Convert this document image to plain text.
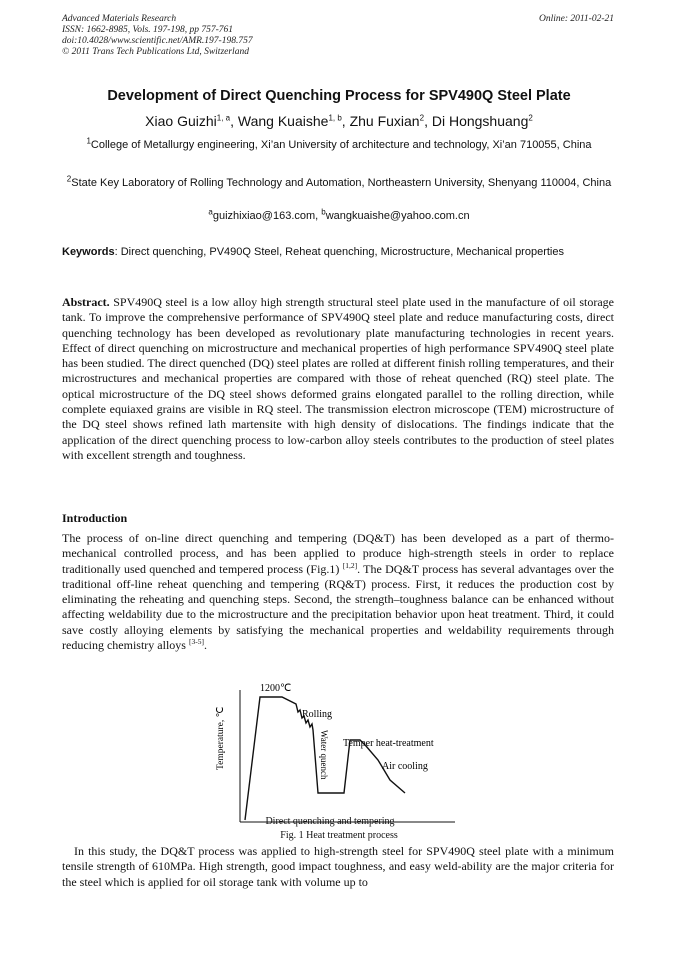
Advanced Materials Research
ISSN: 1662-8985, Vols. 197-198, pp 757-761
doi:10.4028/www.scientific.net/AMR.197-198.757
© 2011 Trans Tech Publications Ltd, Switzerland
Online: 2011-02-21
Development of Direct Quenching Process for SPV490Q Steel Plate
Xiao Guizhi$^{1, a}$, Wang Kuaishe$^{1, b}$, Zhu Fuxian$^2$, Di Hongshuang$^2$
$^1$College of Metallurgy engineering, Xi’an University of architecture and technology, Xi’an 710055, China
$^2$State Key Laboratory of Rolling Technology and Automation, Northeastern University, Shenyang 110004, China
$^a$guizhixiao@163.com, $^b$wangkuaishe@yahoo.com.cn
Keywords: Direct quenching, PV490Q Steel, Reheat quenching, Microstructure, Mechanical properties
Abstract. SPV490Q steel is a low alloy high strength structural steel plate used in the manufacture of oil storage tank. To improve the comprehensive performance of SPV490Q steel plate and reduce manufacturing costs, direct quenching technology has been developed as revolutionary plate manufacturing technologies in recent years. Effect of direct quenching on microstructure and mechanical properties of high performance SPV490Q steel plate has been studied. The direct quenched (DQ) steel plates are rolled at different finish rolling temperatures, and their microstructures and mechanical properties are compared with those of reheat quenched (RQ) steel plate. The optical microstructure of the DQ steel shows deformed grains elongated parallel to the rolling direction, while complete equiaxed grains are visible in RQ steel. The transmission electron microscope (TEM) microstructure of the DQ steel shows refined lath martensite with high density of dislocations. The findings indicate that the application of the direct quenching process to low-carbon alloy steels contributes to the production of steel plates with excellent strength and toughness.
Introduction
The process of on-line direct quenching and tempering (DQ&T) has been developed as a part of thermo-mechanical controlled process, and has been applied to produce high-strength steels in order to replace traditionally used quenched and tempered process (Fig.1) [1,2]. The DQ&T process has several advantages over the traditional off-line reheat quenching and tempering (RQ&T) process. First, it reduces the production cost by eliminating the reheating and quenching steps. Second, the strength–toughness balance can be enhanced without affecting weldability due to the microstructure and the precipitation behavior upon heat treatment. Third, it could save costly alloying elements by satisfying the mechanical properties and weldability requirements through reducing chemistry alloys [3-5].
1200℃
Rolling
Water quench Temper heat-treatment
Air cooling
Temperature, ℃
Direct quenching and tempering
Fig. 1 Heat treatment process
In this study, the DQ&T process was applied to high-strength steel for SPV490Q steel plate with a minimum tensile strength of 610MPa. High strength, good impact toughness, and easy weld-ability are the major criteria for the steel which is applied for oil storage tank with volume up to
